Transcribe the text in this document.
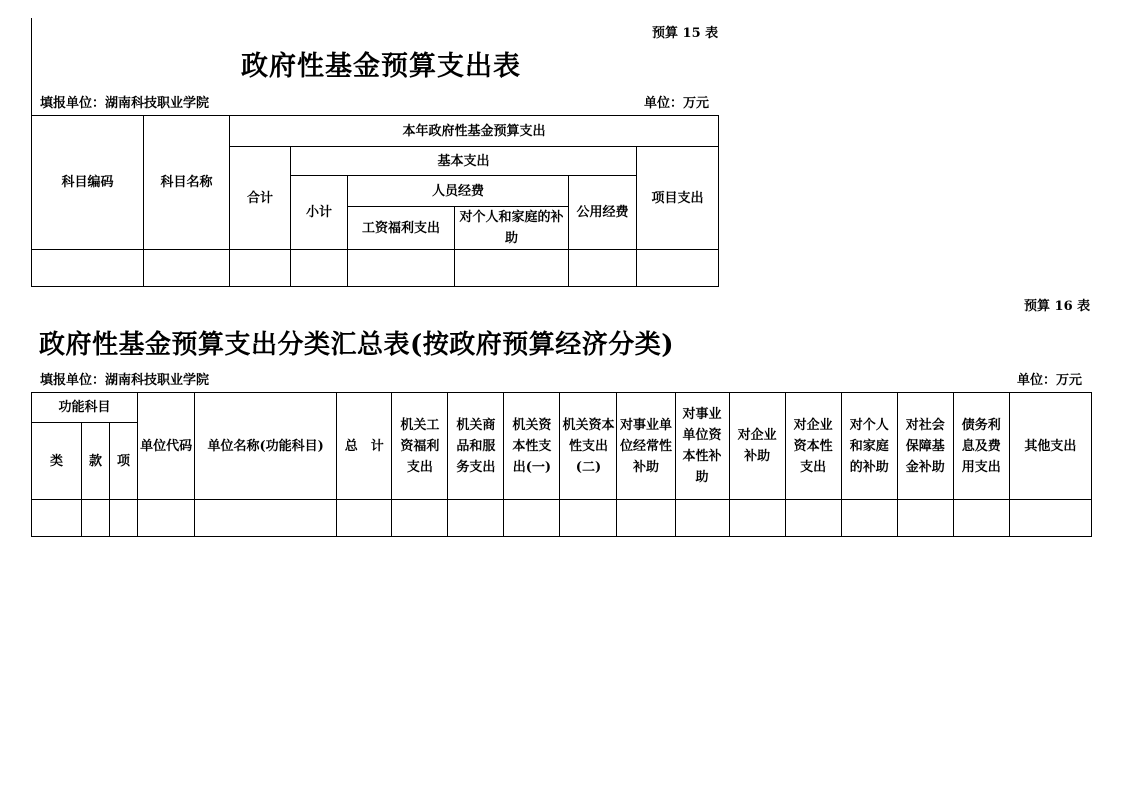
预算 15 表
政府性基金预算支出表
填报单位：湖南科技职业学院	单位：万元
科目编码	科目名称	本年政府性基金预算支出					
		合计	基本支出				项目支出
			小计	人员经费		公用经费	
				工资福利支出	对个人和家庭的补助		

预算 16 表
政府性基金预算支出分类汇总表(按政府预算经济分类)
填报单位：湖南科技职业学院	单位：万元
功能科目			单位代码	单位名称(功能科目)	总　计	机关工资福利支出	机关商品和服务支出	机关资本性支出(一)	机关资本性支出(二)	对事业单位经常性补助	对事业单位资本性补助	对企业补助	对企业资本性支出	对个人和家庭的补助	对社会保障基金补助	债务利息及费用支出	其他支出
类	款	项															
